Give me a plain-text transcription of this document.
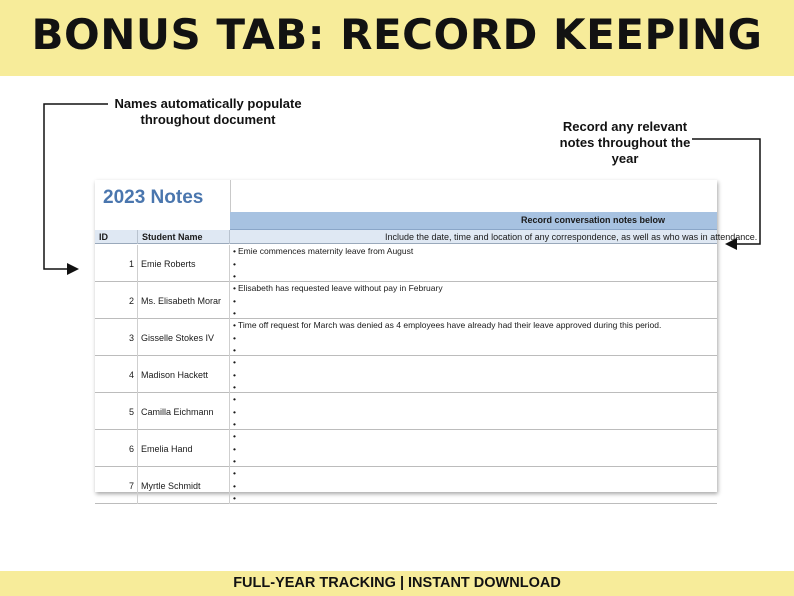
BONUS TAB: RECORD KEEPING
Names automatically populate throughout document	Record any relevant notes throughout the year
2023 Notes
Record conversation notes below
ID	Student Name	Include the date, time and location of any correspondence, as well as who was in attendance.
1 Emie Roberts
• Emie commences maternity leave from August
•
•
2 Ms. Elisabeth Morar
• Elisabeth has requested leave without pay in February
•
•
3 Gisselle Stokes IV
• Time off request for March was denied as 4 employees have already had their leave approved during this period.
•
•
4 Madison Hackett
•
•
•
5 Camilla Eichmann
•
•
•
6 Emelia Hand
•
•
•
7 Myrtle Schmidt
•
•
•
FULL-YEAR TRACKING | INSTANT DOWNLOAD
